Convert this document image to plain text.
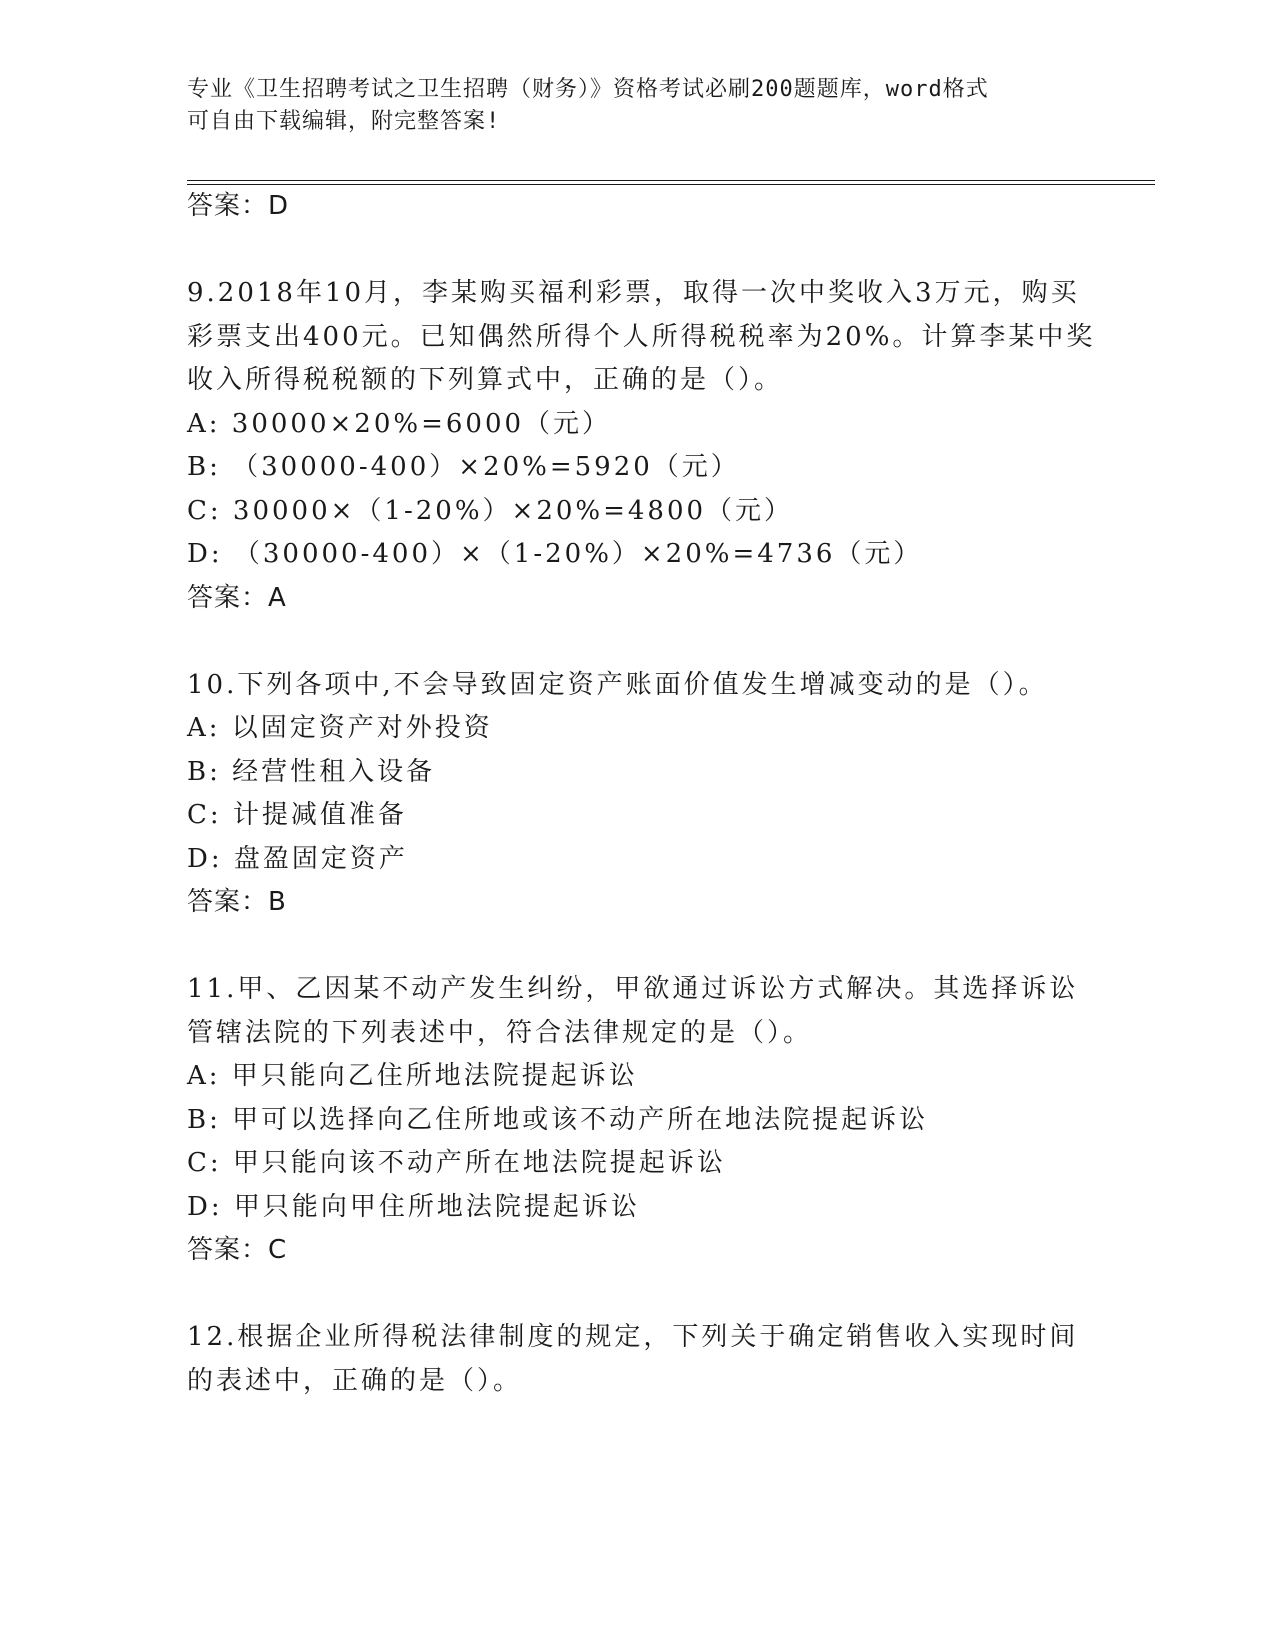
专业《卫生招聘考试之卫生招聘（财务）》资格考试必刷200题题库，word格式
可自由下载编辑，附完整答案!
答案：D
9.2018年10月，李某购买福利彩票，取得一次中奖收入3万元，购买
彩票支出400元。已知偶然所得个人所得税税率为20%。计算李某中奖
收入所得税税额的下列算式中，正确的是（）。
A: 30000×20%=6000（元）
B: （30000-400）×20%=5920（元）
C: 30000×（1-20%）×20%=4800（元）
D: （30000-400）×（1-20%）×20%=4736（元）
答案：A
10.下列各项中,不会导致固定资产账面价值发生增减变动的是（）。
A: 以固定资产对外投资
B: 经营性租入设备
C: 计提减值准备
D: 盘盈固定资产
答案：B
11.甲、乙因某不动产发生纠纷，甲欲通过诉讼方式解决。其选择诉讼
管辖法院的下列表述中，符合法律规定的是（）。
A: 甲只能向乙住所地法院提起诉讼
B: 甲可以选择向乙住所地或该不动产所在地法院提起诉讼
C: 甲只能向该不动产所在地法院提起诉讼
D: 甲只能向甲住所地法院提起诉讼
答案：C
12.根据企业所得税法律制度的规定，下列关于确定销售收入实现时间
的表述中，正确的是（）。
